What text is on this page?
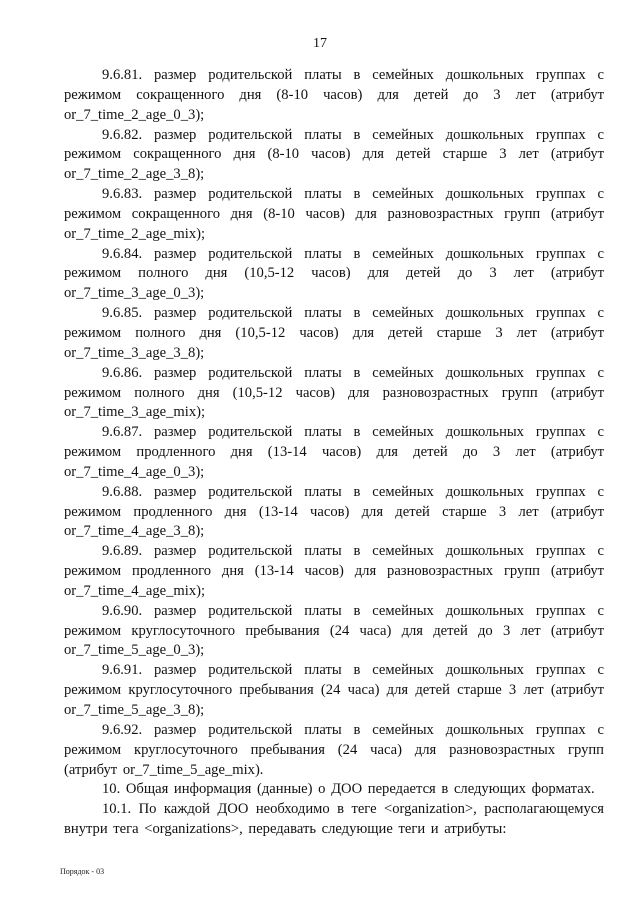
17

9.6.81. размер родительской платы в семейных дошкольных группах с режимом сокращенного дня (8-10 часов) для детей до 3 лет (атрибут or_7_time_2_age_0_3);

9.6.82. размер родительской платы в семейных дошкольных группах с режимом сокращенного дня (8-10 часов) для детей старше 3 лет (атрибут or_7_time_2_age_3_8);

9.6.83. размер родительской платы в семейных дошкольных группах с режимом сокращенного дня (8-10 часов) для разновозрастных групп (атрибут or_7_time_2_age_mix);

9.6.84. размер родительской платы в семейных дошкольных группах с режимом полного дня (10,5-12 часов) для детей до 3 лет (атрибут or_7_time_3_age_0_3);

9.6.85. размер родительской платы в семейных дошкольных группах с режимом полного дня (10,5-12 часов) для детей старше 3 лет (атрибут or_7_time_3_age_3_8);

9.6.86. размер родительской платы в семейных дошкольных группах с режимом полного дня (10,5-12 часов) для разновозрастных групп (атрибут or_7_time_3_age_mix);

9.6.87. размер родительской платы в семейных дошкольных группах с режимом продленного дня (13-14 часов) для детей до 3 лет (атрибут or_7_time_4_age_0_3);

9.6.88. размер родительской платы в семейных дошкольных группах с режимом продленного дня (13-14 часов) для детей старше 3 лет (атрибут or_7_time_4_age_3_8);

9.6.89. размер родительской платы в семейных дошкольных группах с режимом продленного дня (13-14 часов) для разновозрастных групп (атрибут or_7_time_4_age_mix);

9.6.90. размер родительской платы в семейных дошкольных группах с режимом круглосуточного пребывания (24 часа) для детей до 3 лет (атрибут or_7_time_5_age_0_3);

9.6.91. размер родительской платы в семейных дошкольных группах с режимом круглосуточного пребывания (24 часа) для детей старше 3 лет (атрибут or_7_time_5_age_3_8);

9.6.92. размер родительской платы в семейных дошкольных группах с режимом круглосуточного пребывания (24 часа) для разновозрастных групп (атрибут or_7_time_5_age_mix).

10. Общая информация (данные) о ДОО передается в следующих форматах.

10.1. По каждой ДОО необходимо в теге <organization>, располагающемуся внутри тега <organizations>, передавать следующие теги и атрибуты:

Порядок - 03
